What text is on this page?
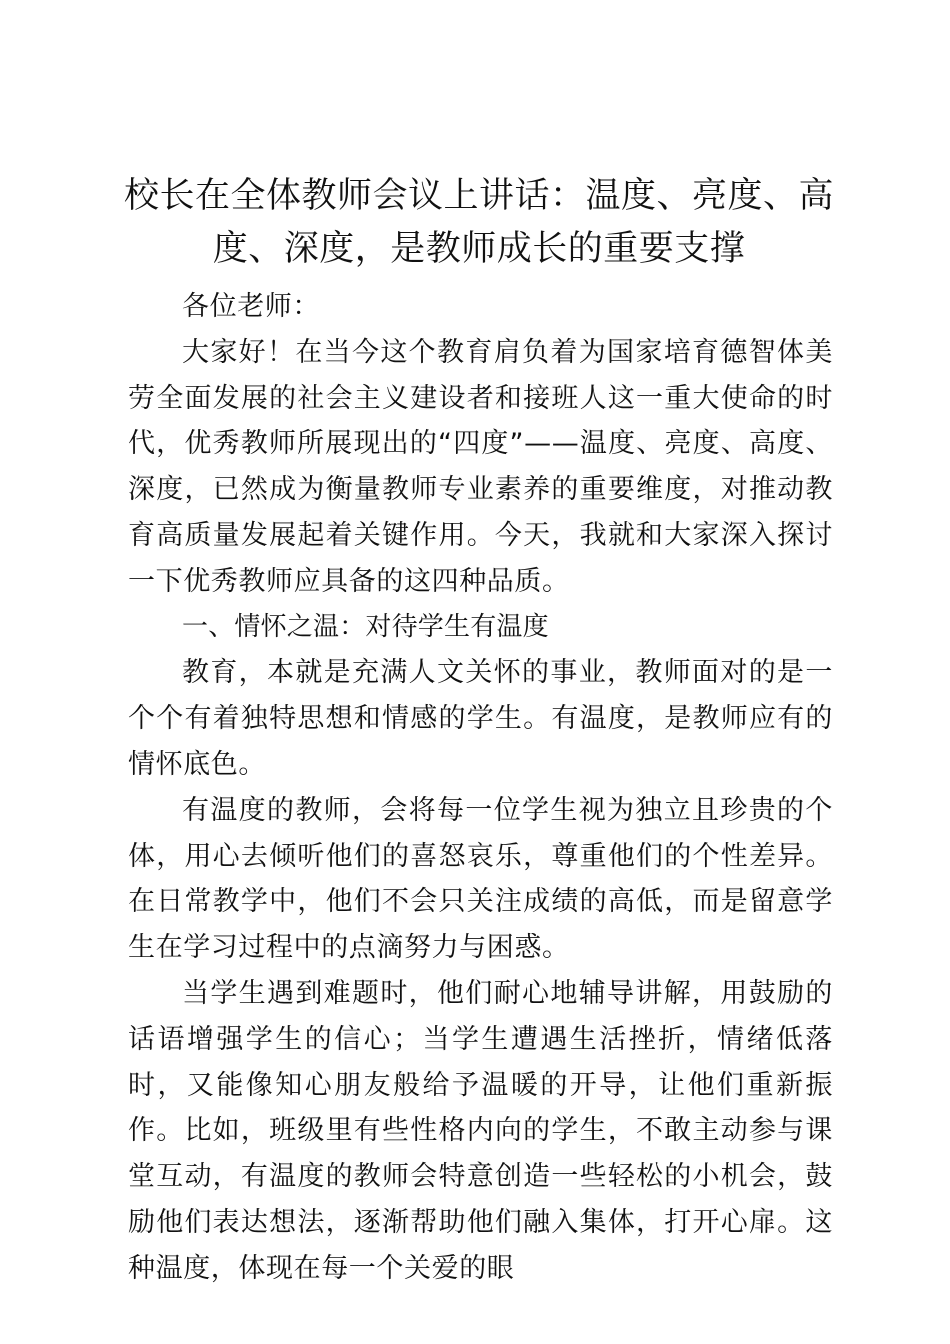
校长在全体教师会议上讲话：温度、亮度、高度、深度，是教师成长的重要支撑

各位老师：

大家好！在当今这个教育肩负着为国家培育德智体美劳全面发展的社会主义建设者和接班人这一重大使命的时代，优秀教师所展现出的“四度”——温度、亮度、高度、深度，已然成为衡量教师专业素养的重要维度，对推动教育高质量发展起着关键作用。今天，我就和大家深入探讨一下优秀教师应具备的这四种品质。

一、情怀之温：对待学生有温度

教育，本就是充满人文关怀的事业，教师面对的是一个个有着独特思想和情感的学生。有温度，是教师应有的情怀底色。

有温度的教师，会将每一位学生视为独立且珍贵的个体，用心去倾听他们的喜怒哀乐，尊重他们的个性差异。在日常教学中，他们不会只关注成绩的高低，而是留意学生在学习过程中的点滴努力与困惑。

当学生遇到难题时，他们耐心地辅导讲解，用鼓励的话语增强学生的信心；当学生遭遇生活挫折，情绪低落时，又能像知心朋友般给予温暖的开导，让他们重新振作。比如，班级里有些性格内向的学生，不敢主动参与课堂互动，有温度的教师会特意创造一些轻松的小机会，鼓励他们表达想法，逐渐帮助他们融入集体，打开心扉。这种温度，体现在每一个关爱的眼
